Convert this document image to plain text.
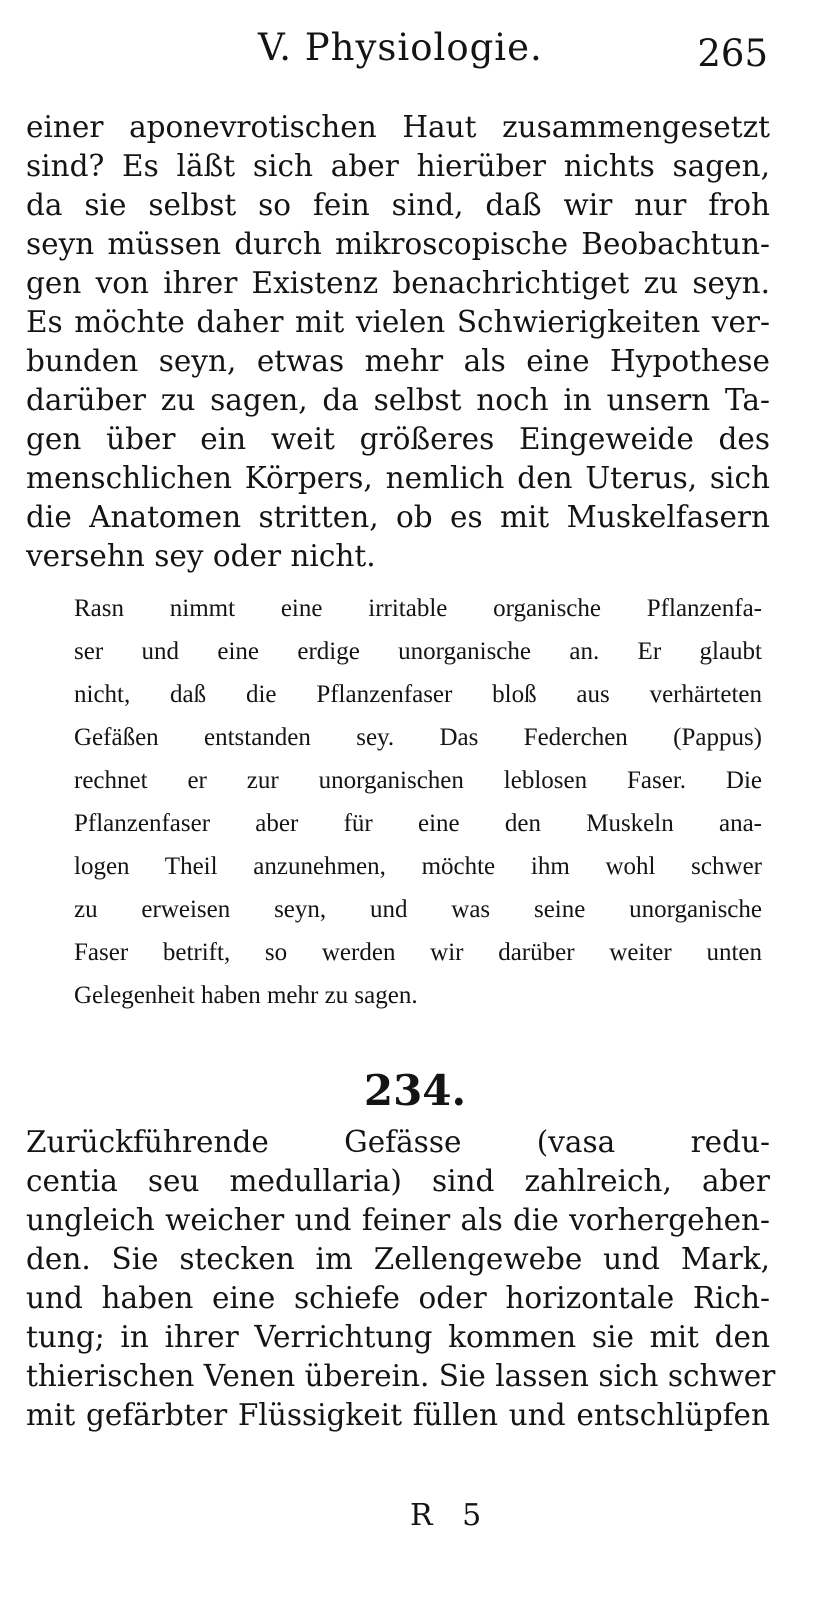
V. Physiologie.	265
einer aponevrotischen Haut zusammengesetzt
sind? Es läßt sich aber hierüber nichts sagen,
da sie selbst so fein sind, daß wir nur froh
seyn müssen durch mikroscopische Beobachtun-
gen von ihrer Existenz benachrichtiget zu seyn.
Es möchte daher mit vielen Schwierigkeiten ver-
bunden seyn, etwas mehr als eine Hypothese
darüber zu sagen, da selbst noch in unsern Ta-
gen über ein weit größeres Eingeweide des
menschlichen Körpers, nemlich den Uterus, sich
die Anatomen stritten, ob es mit Muskelfasern
versehn sey oder nicht.
Rasn nimmt eine irritable organische Pflanzenfa-
ser und eine erdige unorganische an. Er glaubt
nicht, daß die Pflanzenfaser bloß aus verhärteten
Gefäßen entstanden sey. Das Federchen (Pappus)
rechnet er zur unorganischen leblosen Faser. Die
Pflanzenfaser aber für eine den Muskeln ana-
logen Theil anzunehmen, möchte ihm wohl schwer
zu erweisen seyn, und was seine unorganische
Faser betrift, so werden wir darüber weiter unten
Gelegenheit haben mehr zu sagen.
234.
Zurückführende Gefässe (vasa redu-
centia seu medullaria) sind zahlreich, aber
ungleich weicher und feiner als die vorhergehen-
den. Sie stecken im Zellengewebe und Mark,
und haben eine schiefe oder horizontale Rich-
tung; in ihrer Verrichtung kommen sie mit den
thierischen Venen überein. Sie lassen sich schwer
mit gefärbter Flüssigkeit füllen und entschlüpfen
R 5
